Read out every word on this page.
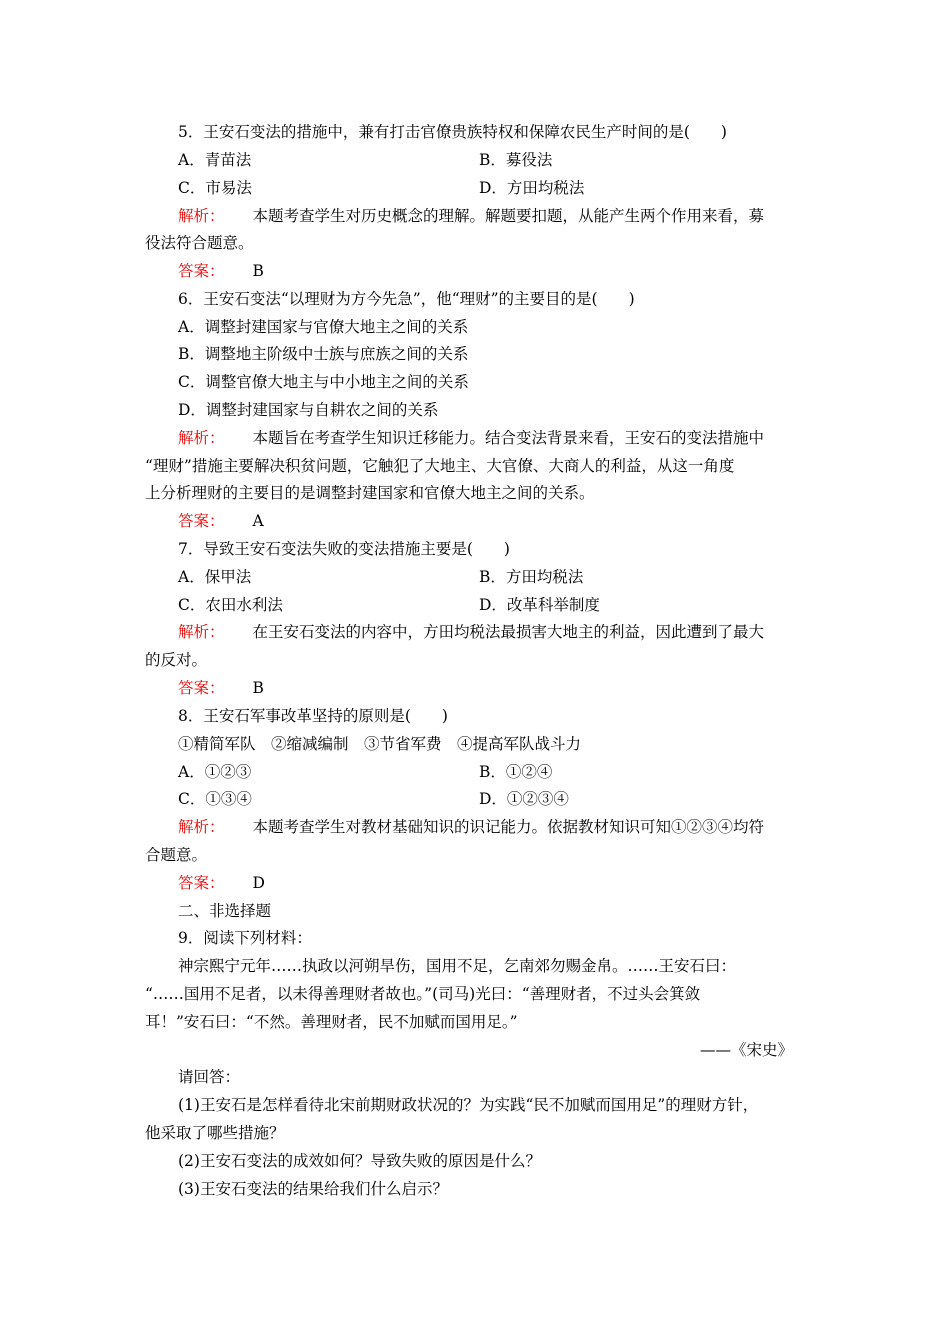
5．王安石变法的措施中，兼有打击官僚贵族特权和保障农民生产时间的是(　　)
A．青苗法	B．募役法
C．市易法	D．方田均税法
解析： 本题考查学生对历史概念的理解。解题要扣题，从能产生两个作用来看，募
役法符合题意。
答案： B
6．王安石变法“以理财为方今先急”，他“理财”的主要目的是(　　)
A．调整封建国家与官僚大地主之间的关系
B．调整地主阶级中士族与庶族之间的关系
C．调整官僚大地主与中小地主之间的关系
D．调整封建国家与自耕农之间的关系
解析： 本题旨在考查学生知识迁移能力。结合变法背景来看，王安石的变法措施中
“理财”措施主要解决积贫问题，它触犯了大地主、大官僚、大商人的利益，从这一角度
上分析理财的主要目的是调整封建国家和官僚大地主之间的关系。
答案： A
7．导致王安石变法失败的变法措施主要是(　　)
A．保甲法	B．方田均税法
C．农田水利法	D．改革科举制度
解析： 在王安石变法的内容中，方田均税法最损害大地主的利益，因此遭到了最大
的反对。
答案： B
8．王安石军事改革坚持的原则是(　　)
①精简军队　②缩减编制　③节省军费　④提高军队战斗力
A．①②③	B．①②④
C．①③④	D．①②③④
解析： 本题考查学生对教材基础知识的识记能力。依据教材知识可知①②③④均符
合题意。
答案： D
二、非选择题
9．阅读下列材料：
神宗熙宁元年……执政以河朔旱伤，国用不足，乞南郊勿赐金帛。……王安石曰：
“……国用不足者，以未得善理财者故也。”(司马)光曰：“善理财者，不过头会箕敛
耳！”安石曰：“不然。善理财者，民不加赋而国用足。”
——《宋史》
请回答：
(1)王安石是怎样看待北宋前期财政状况的？为实践“民不加赋而国用足”的理财方针，
他采取了哪些措施？
(2)王安石变法的成效如何？导致失败的原因是什么？
(3)王安石变法的结果给我们什么启示？
